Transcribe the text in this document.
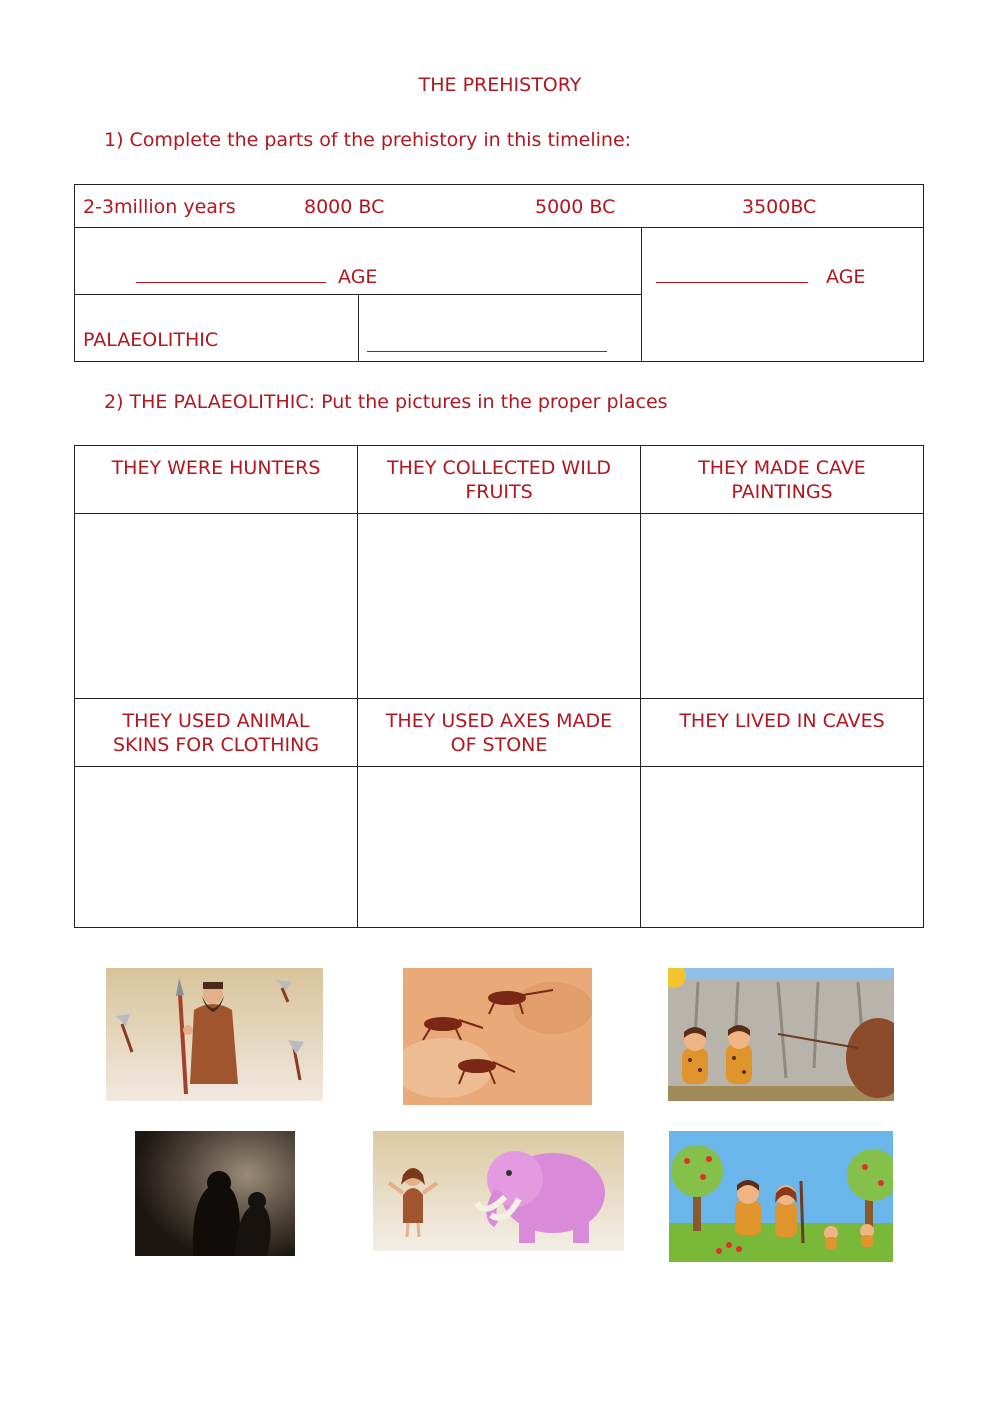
THE PREHISTORY
1) Complete the parts of the prehistory in this timeline:
2-3million years	8000 BC	5000 BC	3500BC

AGE	AGE

PALAEOLITHIC
2) THE PALAEOLITHIC: Put the pictures in the proper places
THEY WERE HUNTERS	THEY COLLECTED WILD FRUITS	THEY MADE CAVE PAINTINGS

THEY USED ANIMAL SKINS FOR CLOTHING	THEY USED AXES MADE OF STONE	THEY LIVED IN CAVES
